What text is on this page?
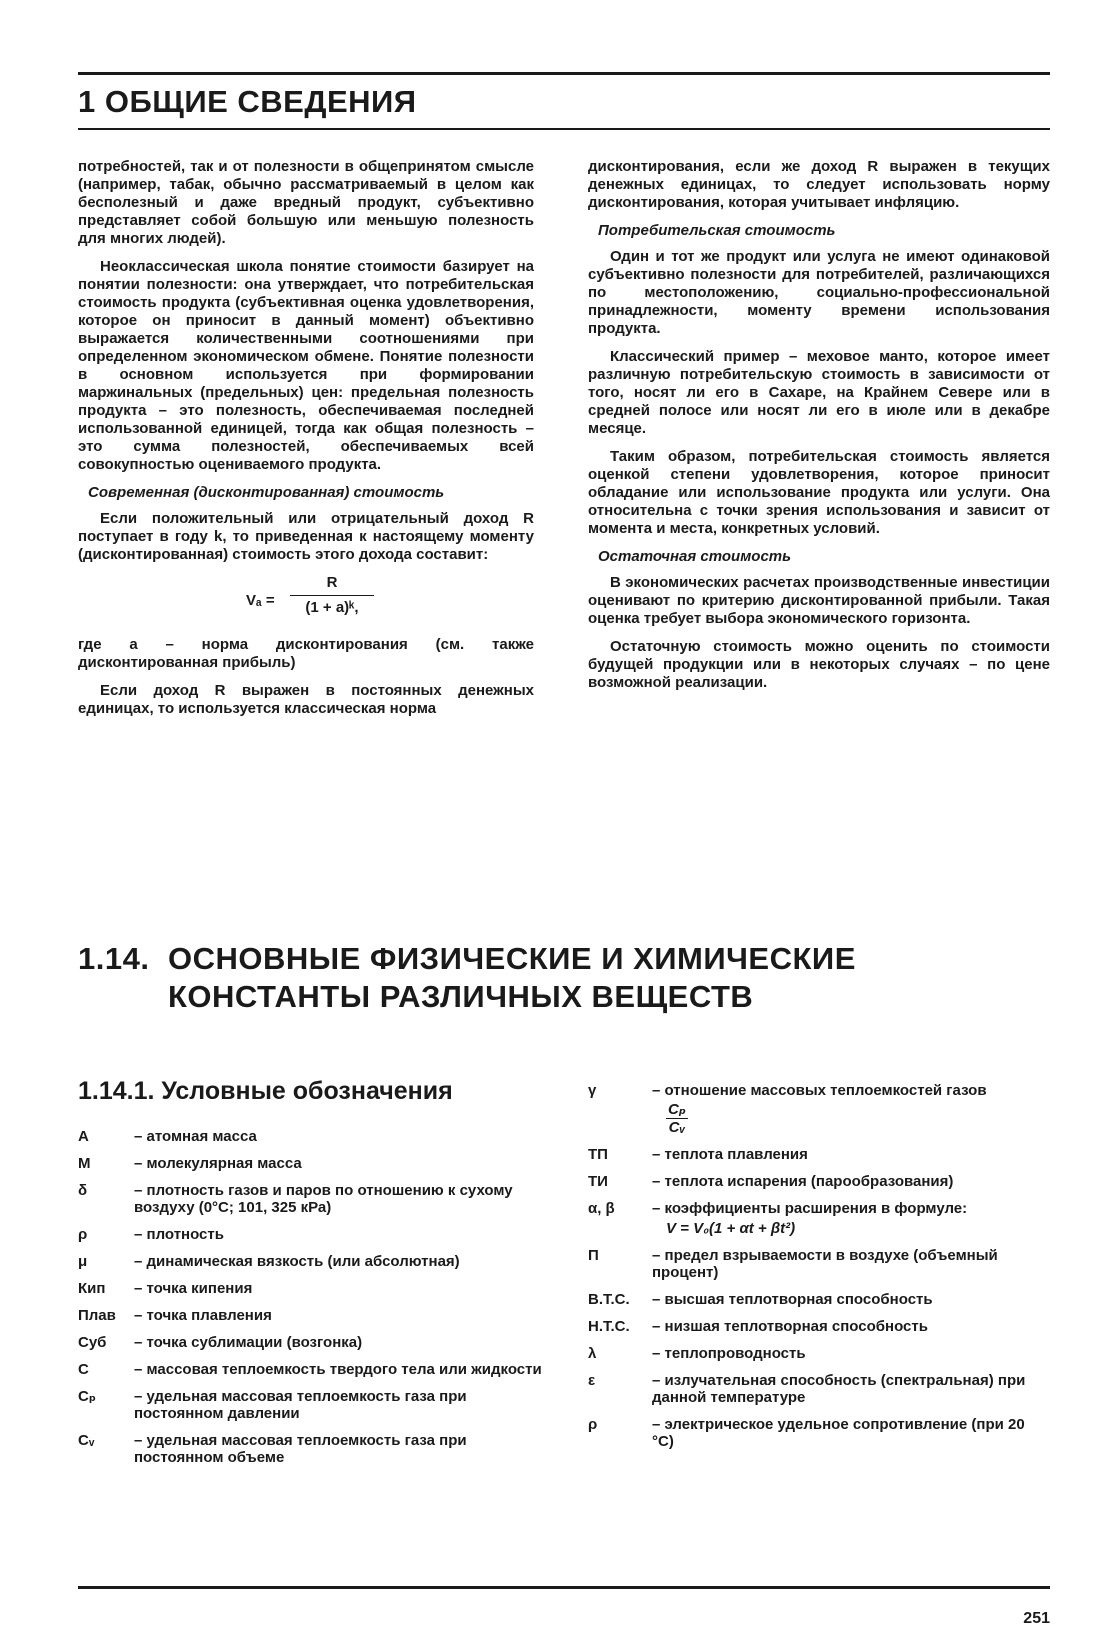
1 ОБЩИЕ СВЕДЕНИЯ

потребностей, так и от полезности в общепринятом смысле (например, табак, обычно рассматриваемый в целом как бесполезный и даже вредный продукт, субъективно представляет собой большую или меньшую полезность для многих людей).

Неоклассическая школа понятие стоимости базирует на понятии полезности: она утверждает, что потребительская стоимость продукта (субъективная оценка удовлетворения, которое он приносит в данный момент) объективно выражается количественными соотношениями при определенном экономическом обмене. Понятие полезности в основном используется при формировании маржинальных (предельных) цен: предельная полезность продукта – это полезность, обеспечиваемая последней использованной единицей, тогда как общая полезность – это сумма полезностей, обеспечиваемых всей совокупностью оцениваемого продукта.

Современная (дисконтированная) стоимость

Если положительный или отрицательный доход R поступает в году k, то приведенная к настоящему моменту (дисконтированная) стоимость этого дохода составит:

$V_a = \frac{R}{\text{(1 + a)ᵏ,}}$

где a – норма дисконтирования (см. также дисконтированная прибыль)

Если доход R выражен в постоянных денежных единицах, то используется классическая норма

дисконтирования, если же доход R выражен в текущих денежных единицах, то следует использовать норму дисконтирования, которая учитывает инфляцию.

Потребительская стоимость

Один и тот же продукт или услуга не имеют одинаковой субъективно полезности для потребителей, различающихся по местоположению, социально-профессиональной принадлежности, моменту времени использования продукта.

Классический пример – меховое манто, которое имеет различную потребительскую стоимость в зависимости от того, носят ли его в Сахаре, на Крайнем Севере или в средней полосе или носят ли его в июле или в декабре месяце.

Таким образом, потребительская стоимость является оценкой степени удовлетворения, которое приносит обладание или использование продукта или услуги. Она относительна с точки зрения использования и зависит от момента и места, конкретных условий.

Остаточная стоимость

В экономических расчетах производственные инвестиции оценивают по критерию дисконтированной прибыли. Такая оценка требует выбора экономического горизонта.

Остаточную стоимость можно оценить по стоимости будущей продукции или в некоторых случаях – по цене возможной реализации.

1.14. ОСНОВНЫЕ ФИЗИЧЕСКИЕ И ХИМИЧЕСКИЕ
КОНСТАНТЫ РАЗЛИЧНЫХ ВЕЩЕСТВ
1.14.1. Условные обозначения
A	– атомная масса
M	– молекулярная масса
δ	– плотность газов и паров по отношению к сухому воздуху (0°C; 101, 325 кРа)
ρ	– плотность
μ	– динамическая вязкость (или абсолютная)
Кип	– точка кипения
Плав	– точка плавления
Суб	– точка сублимации (возгонка)
C	– массовая теплоемкость твердого тела или жидкости
Cₚ	– удельная массовая теплоемкость газа при постоянном давлении
Cᵥ	– удельная массовая теплоемкость газа при постоянном объеме
γ	– отношение массовых теплоемкостей газов

$\frac{\text{Cₚ}}{\text{Cᵥ}}$
ТП	– теплота плавления
ТИ	– теплота испарения (парообразования)
α, β	– коэффициенты расширения в формуле:
V = V₀(1 + αt + βt²)
П	– предел взрываемости в воздухе (объемный процент)
В.Т.С.	– высшая теплотворная способность
Н.Т.С.	– низшая теплотворная способность
λ	– теплопроводность
ε	– излучательная способность (спектральная) при данной температуре
ρ	– электрическое удельное сопротивление (при 20 °C)
251
